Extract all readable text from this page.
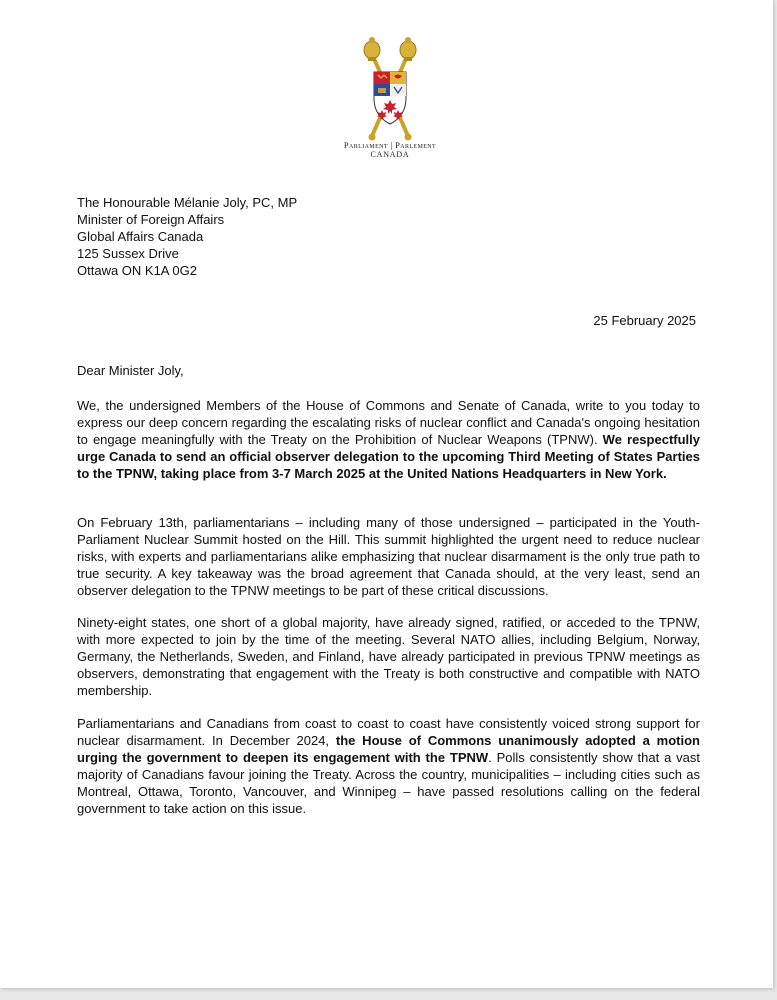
Parliament | Parlement
CANADA
The Honourable Mélanie Joly, PC, MP
Minister of Foreign Affairs
Global Affairs Canada
125 Sussex Drive
Ottawa ON K1A 0G2
25 February 2025
Dear Minister Joly,

We, the undersigned Members of the House of Commons and Senate of Canada, write to you today to express our deep concern regarding the escalating risks of nuclear conflict and Canada's ongoing hesitation to engage meaningfully with the Treaty on the Prohibition of Nuclear Weapons (TPNW). We respectfully urge Canada to send an official observer delegation to the upcoming Third Meeting of States Parties to the TPNW, taking place from 3-7 March 2025 at the United Nations Headquarters in New York.

On February 13th, parliamentarians – including many of those undersigned – participated in the Youth-Parliament Nuclear Summit hosted on the Hill. This summit highlighted the urgent need to reduce nuclear risks, with experts and parliamentarians alike emphasizing that nuclear disarmament is the only true path to true security. A key takeaway was the broad agreement that Canada should, at the very least, send an observer delegation to the TPNW meetings to be part of these critical discussions.

Ninety-eight states, one short of a global majority, have already signed, ratified, or acceded to the TPNW, with more expected to join by the time of the meeting. Several NATO allies, including Belgium, Norway, Germany, the Netherlands, Sweden, and Finland, have already participated in previous TPNW meetings as observers, demonstrating that engagement with the Treaty is both constructive and compatible with NATO membership.

Parliamentarians and Canadians from coast to coast to coast have consistently voiced strong support for nuclear disarmament. In December 2024, the House of Commons unanimously adopted a motion urging the government to deepen its engagement with the TPNW. Polls consistently show that a vast majority of Canadians favour joining the Treaty. Across the country, municipalities – including cities such as Montreal, Ottawa, Toronto, Vancouver, and Winnipeg – have passed resolutions calling on the federal government to take action on this issue.
